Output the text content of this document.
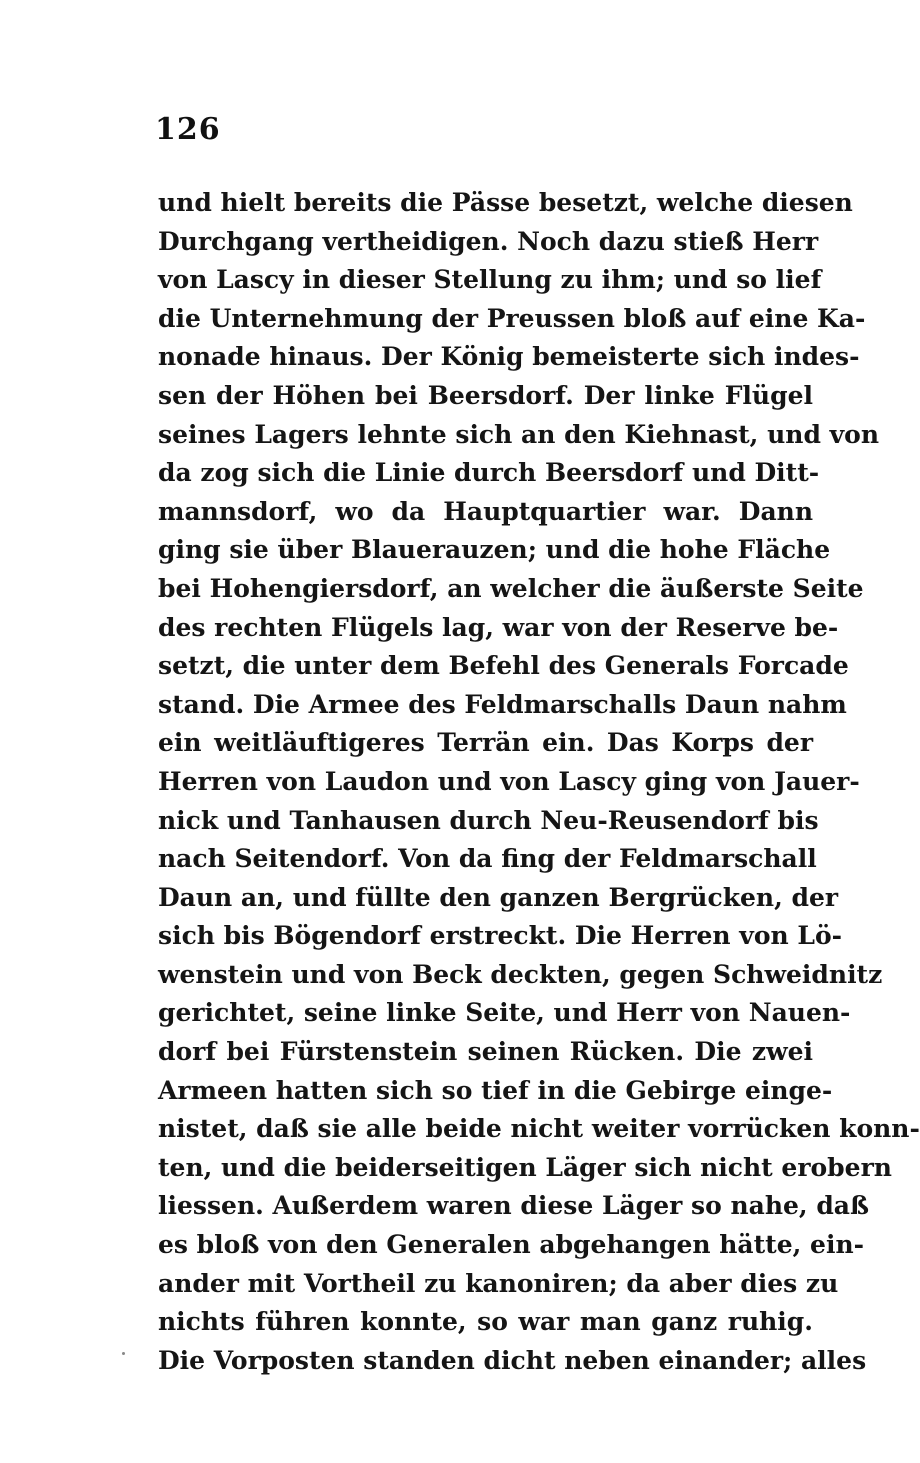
126
und hielt bereits die Pässe besetzt, welche diesen
Durchgang vertheidigen. Noch dazu stieß Herr
von Lascy in dieser Stellung zu ihm; und so lief
die Unternehmung der Preussen bloß auf eine Ka-
nonade hinaus. Der König bemeisterte sich indes-
sen der Höhen bei Beersdorf. Der linke Flügel
seines Lagers lehnte sich an den Kiehnast, und von
da zog sich die Linie durch Beersdorf und Ditt-
mannsdorf, wo da Hauptquartier war. Dann
ging sie über Blauerauzen; und die hohe Fläche
bei Hohengiersdorf, an welcher die äußerste Seite
des rechten Flügels lag, war von der Reserve be-
setzt, die unter dem Befehl des Generals Forcade
stand. Die Armee des Feldmarschalls Daun nahm
ein weitläuftigeres Terrän ein. Das Korps der
Herren von Laudon und von Lascy ging von Jauer-
nick und Tanhausen durch Neu-Reusendorf bis
nach Seitendorf. Von da fing der Feldmarschall
Daun an, und füllte den ganzen Bergrücken, der
sich bis Bögendorf erstreckt. Die Herren von Lö-
wenstein und von Beck deckten, gegen Schweidnitz
gerichtet, seine linke Seite, und Herr von Nauen-
dorf bei Fürstenstein seinen Rücken. Die zwei
Armeen hatten sich so tief in die Gebirge einge-
nistet, daß sie alle beide nicht weiter vorrücken konn-
ten, und die beiderseitigen Läger sich nicht erobern
liessen. Außerdem waren diese Läger so nahe, daß
es bloß von den Generalen abgehangen hätte, ein-
ander mit Vortheil zu kanoniren; da aber dies zu
nichts führen konnte, so war man ganz ruhig.
Die Vorposten standen dicht neben einander; alles
